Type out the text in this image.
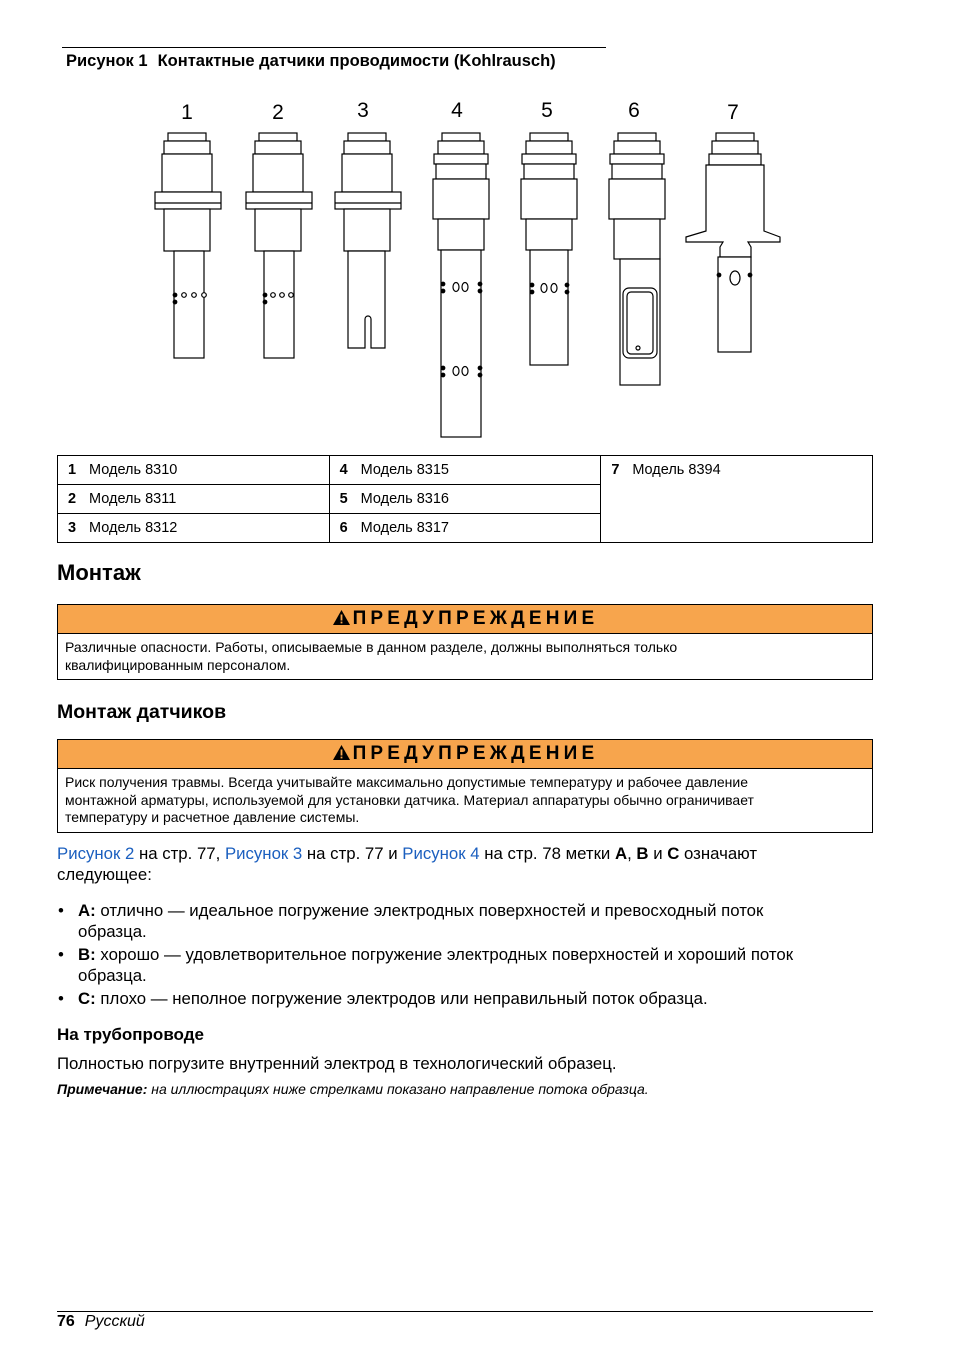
Рисунок 1 Контактные датчики проводимости (Kohlrausch)
1	2	3	4	5	6	7
1 Модель 8310	4 Модель 8315	7 Модель 8394
2 Модель 8311	5 Модель 8316	
3 Модель 8312	6 Модель 8317	
Монтаж
ПРЕДУПРЕЖДЕНИЕ
Различные опасности. Работы, описываемые в данном разделе, должны выполняться только
квалифицированным персоналом.
Монтаж датчиков
ПРЕДУПРЕЖДЕНИЕ
Риск получения травмы. Всегда учитывайте максимально допустимые температуру и рабочее давление
монтажной арматуры, используемой для установки датчика. Материал аппаратуры обычно ограничивает
температуру и расчетное давление системы.
Рисунок 2 на стр. 77, Рисунок 3 на стр. 77 и Рисунок 4 на стр. 78 метки A, B и C означают
следующее:
• A: отлично — идеальное погружение электродных поверхностей и превосходный поток
образца.
• B: хорошо — удовлетворительное погружение электродных поверхностей и хороший поток
образца.
• C: плохо — неполное погружение электродов или неправильный поток образца.
На трубопроводе
Полностью погрузите внутренний электрод в технологический образец.
Примечание: на иллюстрациях ниже стрелками показано направление потока образца.
76 Русский
